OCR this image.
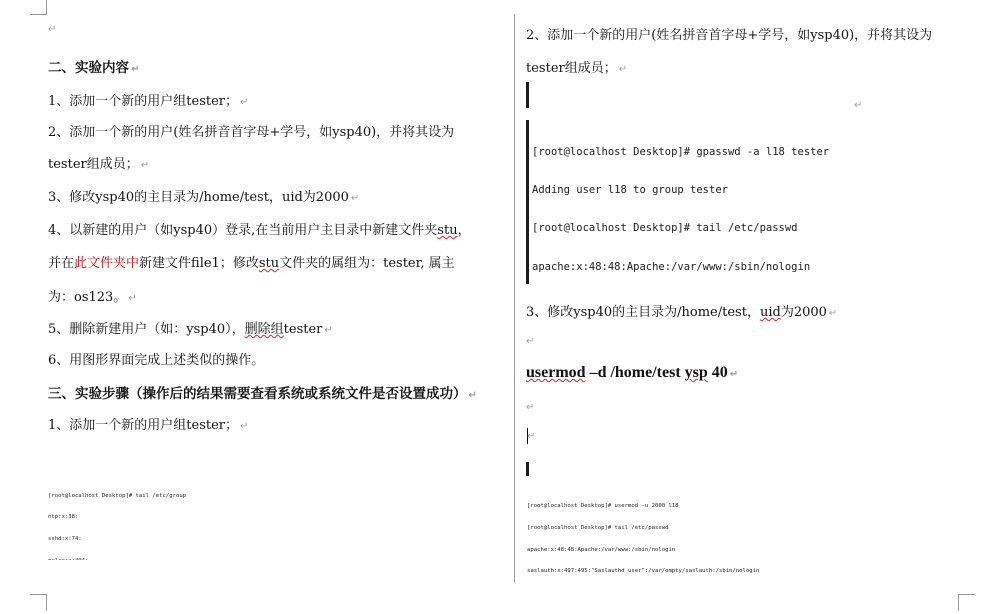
↵
二、实验内容 ↵
1、添加一个新的用户组tester； ↵
2、添加一个新的用户(姓名拼音首字母+学号，如ysp40)，并将其设为
tester组成员； ↵
3、修改ysp40的主目录为/home/test，uid为2000 ↵
4、以新建的用户（如ysp40）登录,在当前用户主目录中新建文件夹stu，
并在此文件夹中新建文件file1；修改stu文件夹的属组为：tester, 属主
为：os123。 ↵
5、删除新建用户（如：ysp40），删除组tester ↵
6、用图形界面完成上述类似的操作。
三、实验步骤（操作后的结果需要查看系统或系统文件是否设置成功） ↵
1、添加一个新的用户组tester； ↵

[root@localhost Desktop]# tail /etc/group

ntp:x:38:

sshd:x:74:

2、添加一个新的用户(姓名拼音首字母+学号，如ysp40)，并将其设为
tester组成员； ↵

↵

[root@localhost Desktop]# gpasswd -a l18 tester

Adding user l18 to group tester

[root@localhost Desktop]# tail /etc/passwd

apache:x:48:48:Apache:/var/www:/sbin/nologin

3、修改ysp40的主目录为/home/test，uid为2000 ↵
↵
usermod –d /home/test ysp 40 ↵
↵
↵

[root@localhost Desktop]# usermod -u 2000 l18

[root@localhost Desktop]# tail /etc/passwd

apache:x:48:48:Apache:/var/www:/sbin/nologin

saslauth:x:497:495:"Saslauthd user":/var/empty/saslauth:/sbin/nologin
